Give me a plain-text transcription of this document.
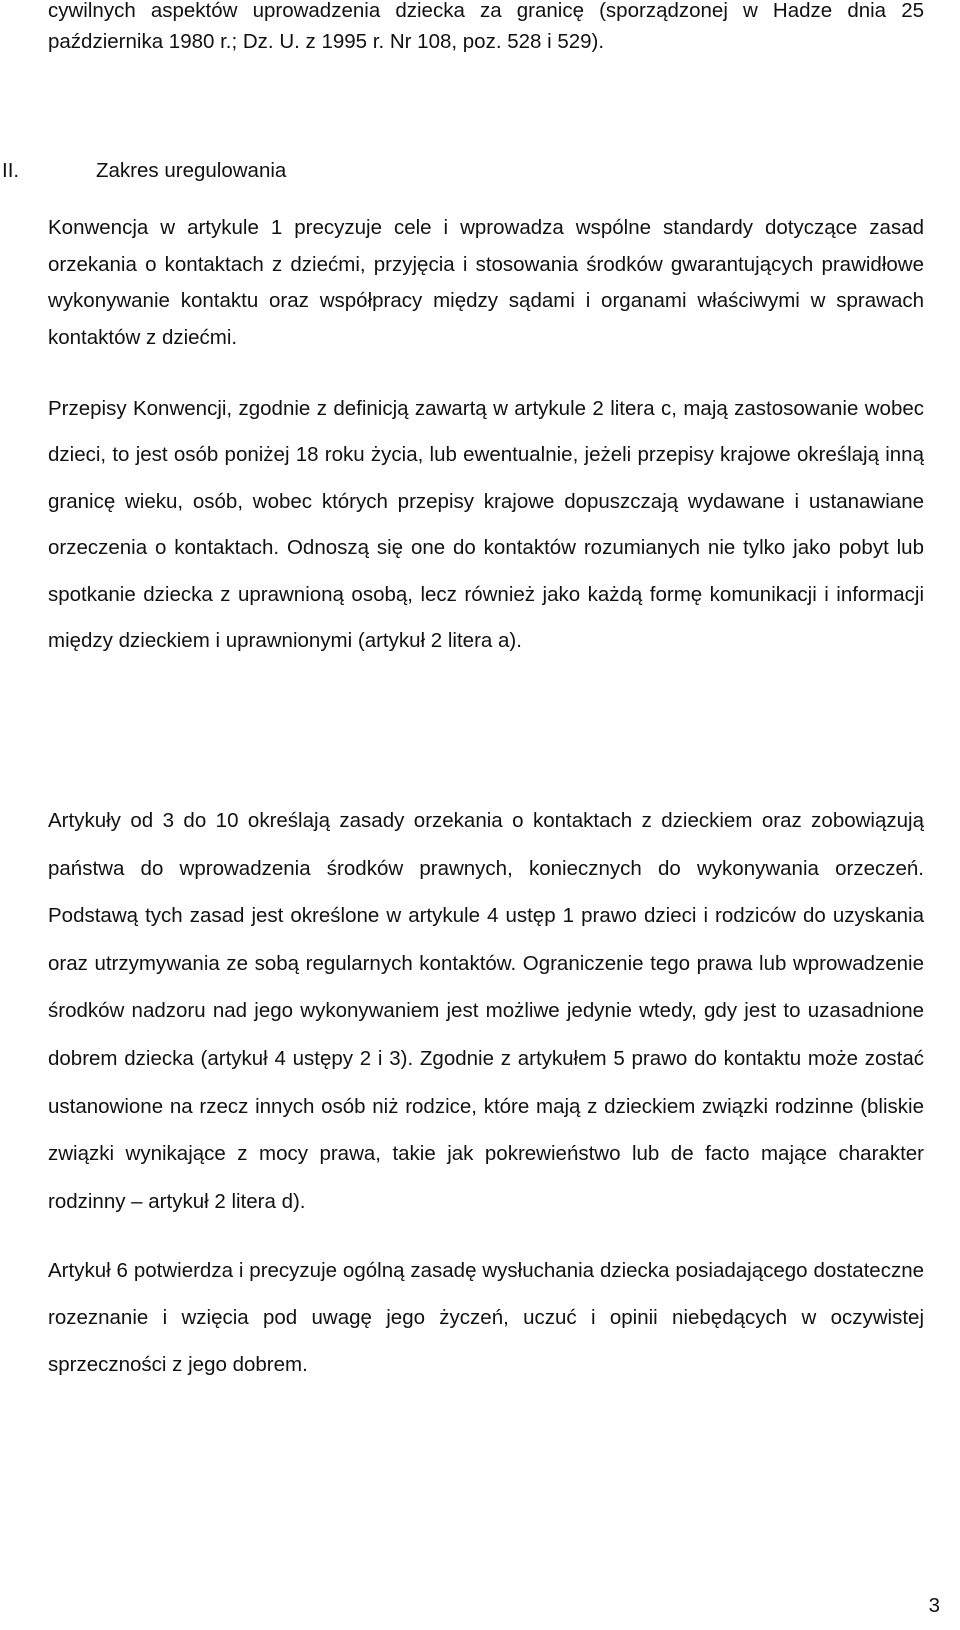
cywilnych aspektów uprowadzenia dziecka za granicę (sporządzonej w Hadze dnia 25 października 1980 r.; Dz. U. z 1995 r. Nr 108, poz. 528 i 529).

II.	Zakres uregulowania

Konwencja w artykule 1 precyzuje cele i wprowadza wspólne standardy dotyczące zasad orzekania o kontaktach z dziećmi, przyjęcia i stosowania środków gwarantujących prawidłowe wykonywanie kontaktu oraz współpracy między sądami i organami właściwymi w sprawach kontaktów z dziećmi.

Przepisy Konwencji, zgodnie z definicją zawartą w artykule 2 litera c, mają zastosowanie wobec dzieci, to jest osób poniżej 18 roku życia, lub ewentualnie, jeżeli przepisy krajowe określają inną granicę wieku, osób, wobec których przepisy krajowe dopuszczają wydawane i ustanawiane orzeczenia o kontaktach. Odnoszą się one do kontaktów rozumianych nie tylko jako pobyt lub spotkanie dziecka z uprawnioną osobą, lecz również jako każdą formę komunikacji i informacji między dzieckiem i uprawnionymi (artykuł 2 litera a).

Artykuły od 3 do 10 określają zasady orzekania o kontaktach z dzieckiem oraz zobowiązują państwa do wprowadzenia środków prawnych, koniecznych do wykonywania orzeczeń. Podstawą tych zasad jest określone w artykule 4 ustęp 1 prawo dzieci i rodziców do uzyskania oraz utrzymywania ze sobą regularnych kontaktów. Ograniczenie tego prawa lub wprowadzenie środków nadzoru nad jego wykonywaniem jest możliwe jedynie wtedy, gdy jest to uzasadnione dobrem dziecka (artykuł 4 ustępy 2 i 3). Zgodnie z artykułem 5 prawo do kontaktu może zostać ustanowione na rzecz innych osób niż rodzice, które mają z dzieckiem związki rodzinne (bliskie związki wynikające z mocy prawa, takie jak pokrewieństwo lub de facto mające charakter rodzinny – artykuł 2 litera d).

Artykuł 6 potwierdza i precyzuje ogólną zasadę wysłuchania dziecka posiadającego dostateczne rozeznanie i wzięcia pod uwagę jego życzeń, uczuć i opinii niebędących w oczywistej sprzeczności z jego dobrem.

3
